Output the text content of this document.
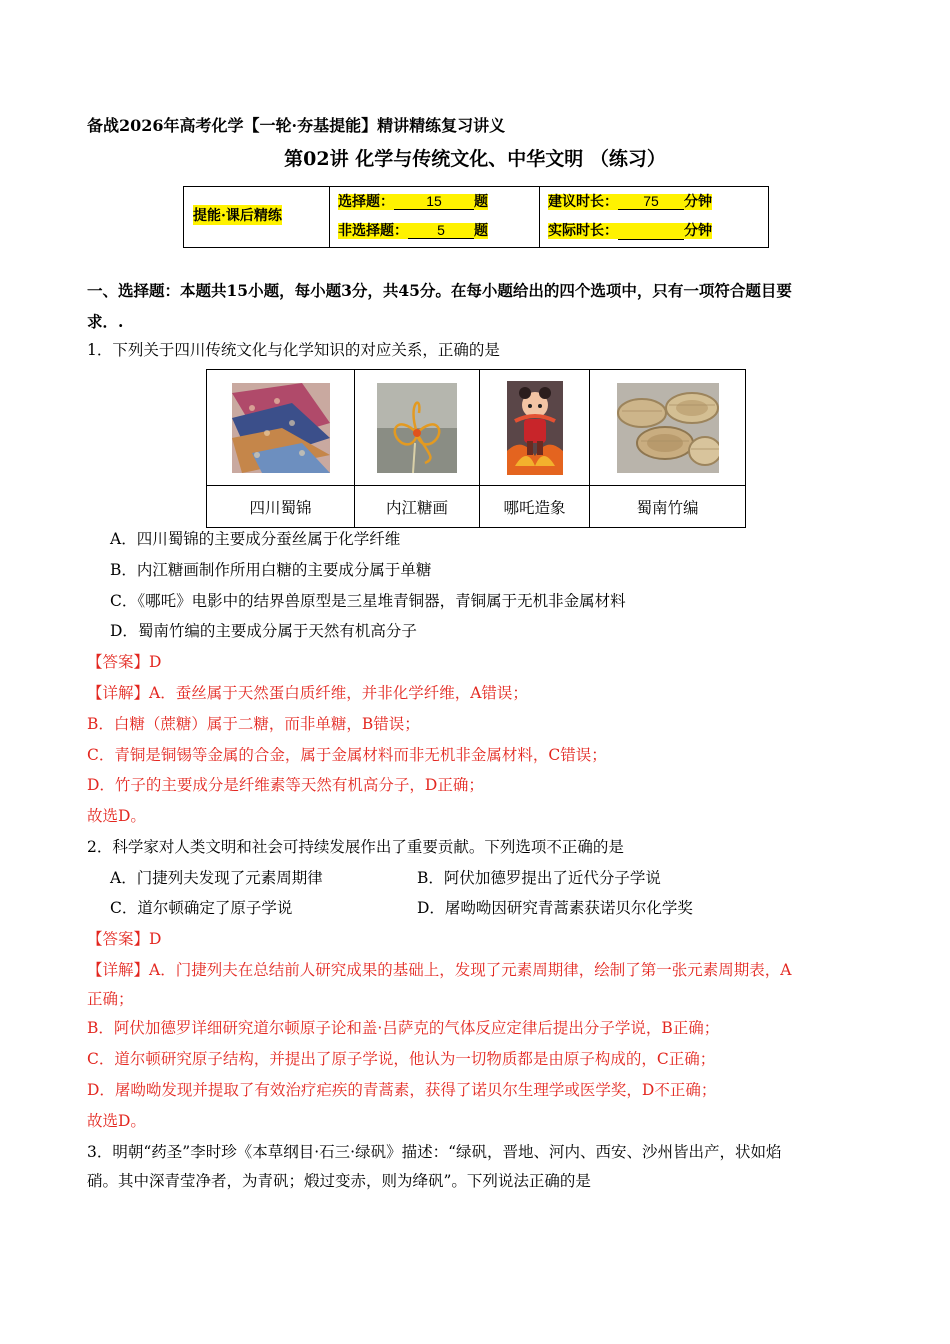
备战2026年高考化学【一轮·夯基提能】精讲精练复习讲义
第02讲 化学与传统文化、中华文明 （练习）
提能·课后精练
选择题： 15 题
非选择题： 5 题
建议时长： 75 分钟
实际时长：	分钟
一、选择题：本题共15小题，每小题3分，共45分。在每小题给出的四个选项中，只有一项符合题目要
求．.
1．下列关于四川传统文化与化学知识的对应关系，正确的是
四川蜀锦	内江糖画	哪吒造象	蜀南竹编
A．四川蜀锦的主要成分蚕丝属于化学纤维
B．内江糖画制作所用白糖的主要成分属于单糖
C．《哪吒》电影中的结界兽原型是三星堆青铜器，青铜属于无机非金属材料
D．蜀南竹编的主要成分属于天然有机高分子
【答案】D
【详解】A．蚕丝属于天然蛋白质纤维，并非化学纤维，A错误；
B．白糖（蔗糖）属于二糖，而非单糖，B错误；
C．青铜是铜锡等金属的合金，属于金属材料而非无机非金属材料，C错误；
D．竹子的主要成分是纤维素等天然有机高分子，D正确；
故选D。
2．科学家对人类文明和社会可持续发展作出了重要贡献。下列选项不正确的是
A．门捷列夫发现了元素周期律	B．阿伏加德罗提出了近代分子学说
C．道尔顿确定了原子学说	D．屠呦呦因研究青蒿素获诺贝尔化学奖
【答案】D
【详解】A．门捷列夫在总结前人研究成果的基础上，发现了元素周期律，绘制了第一张元素周期表，A
正确；
B．阿伏加德罗详细研究道尔顿原子论和盖·吕萨克的气体反应定律后提出分子学说，B正确；
C．道尔顿研究原子结构，并提出了原子学说，他认为一切物质都是由原子构成的，C正确；
D．屠呦呦发现并提取了有效治疗疟疾的青蒿素，获得了诺贝尔生理学或医学奖，D不正确；
故选D。
3．明朝“药圣”李时珍《本草纲目·石三·绿矾》描述：“绿矾，晋地、河内、西安、沙州皆出产，状如焰
硝。其中深青莹净者，为青矾；煅过变赤，则为绛矾”。下列说法正确的是
